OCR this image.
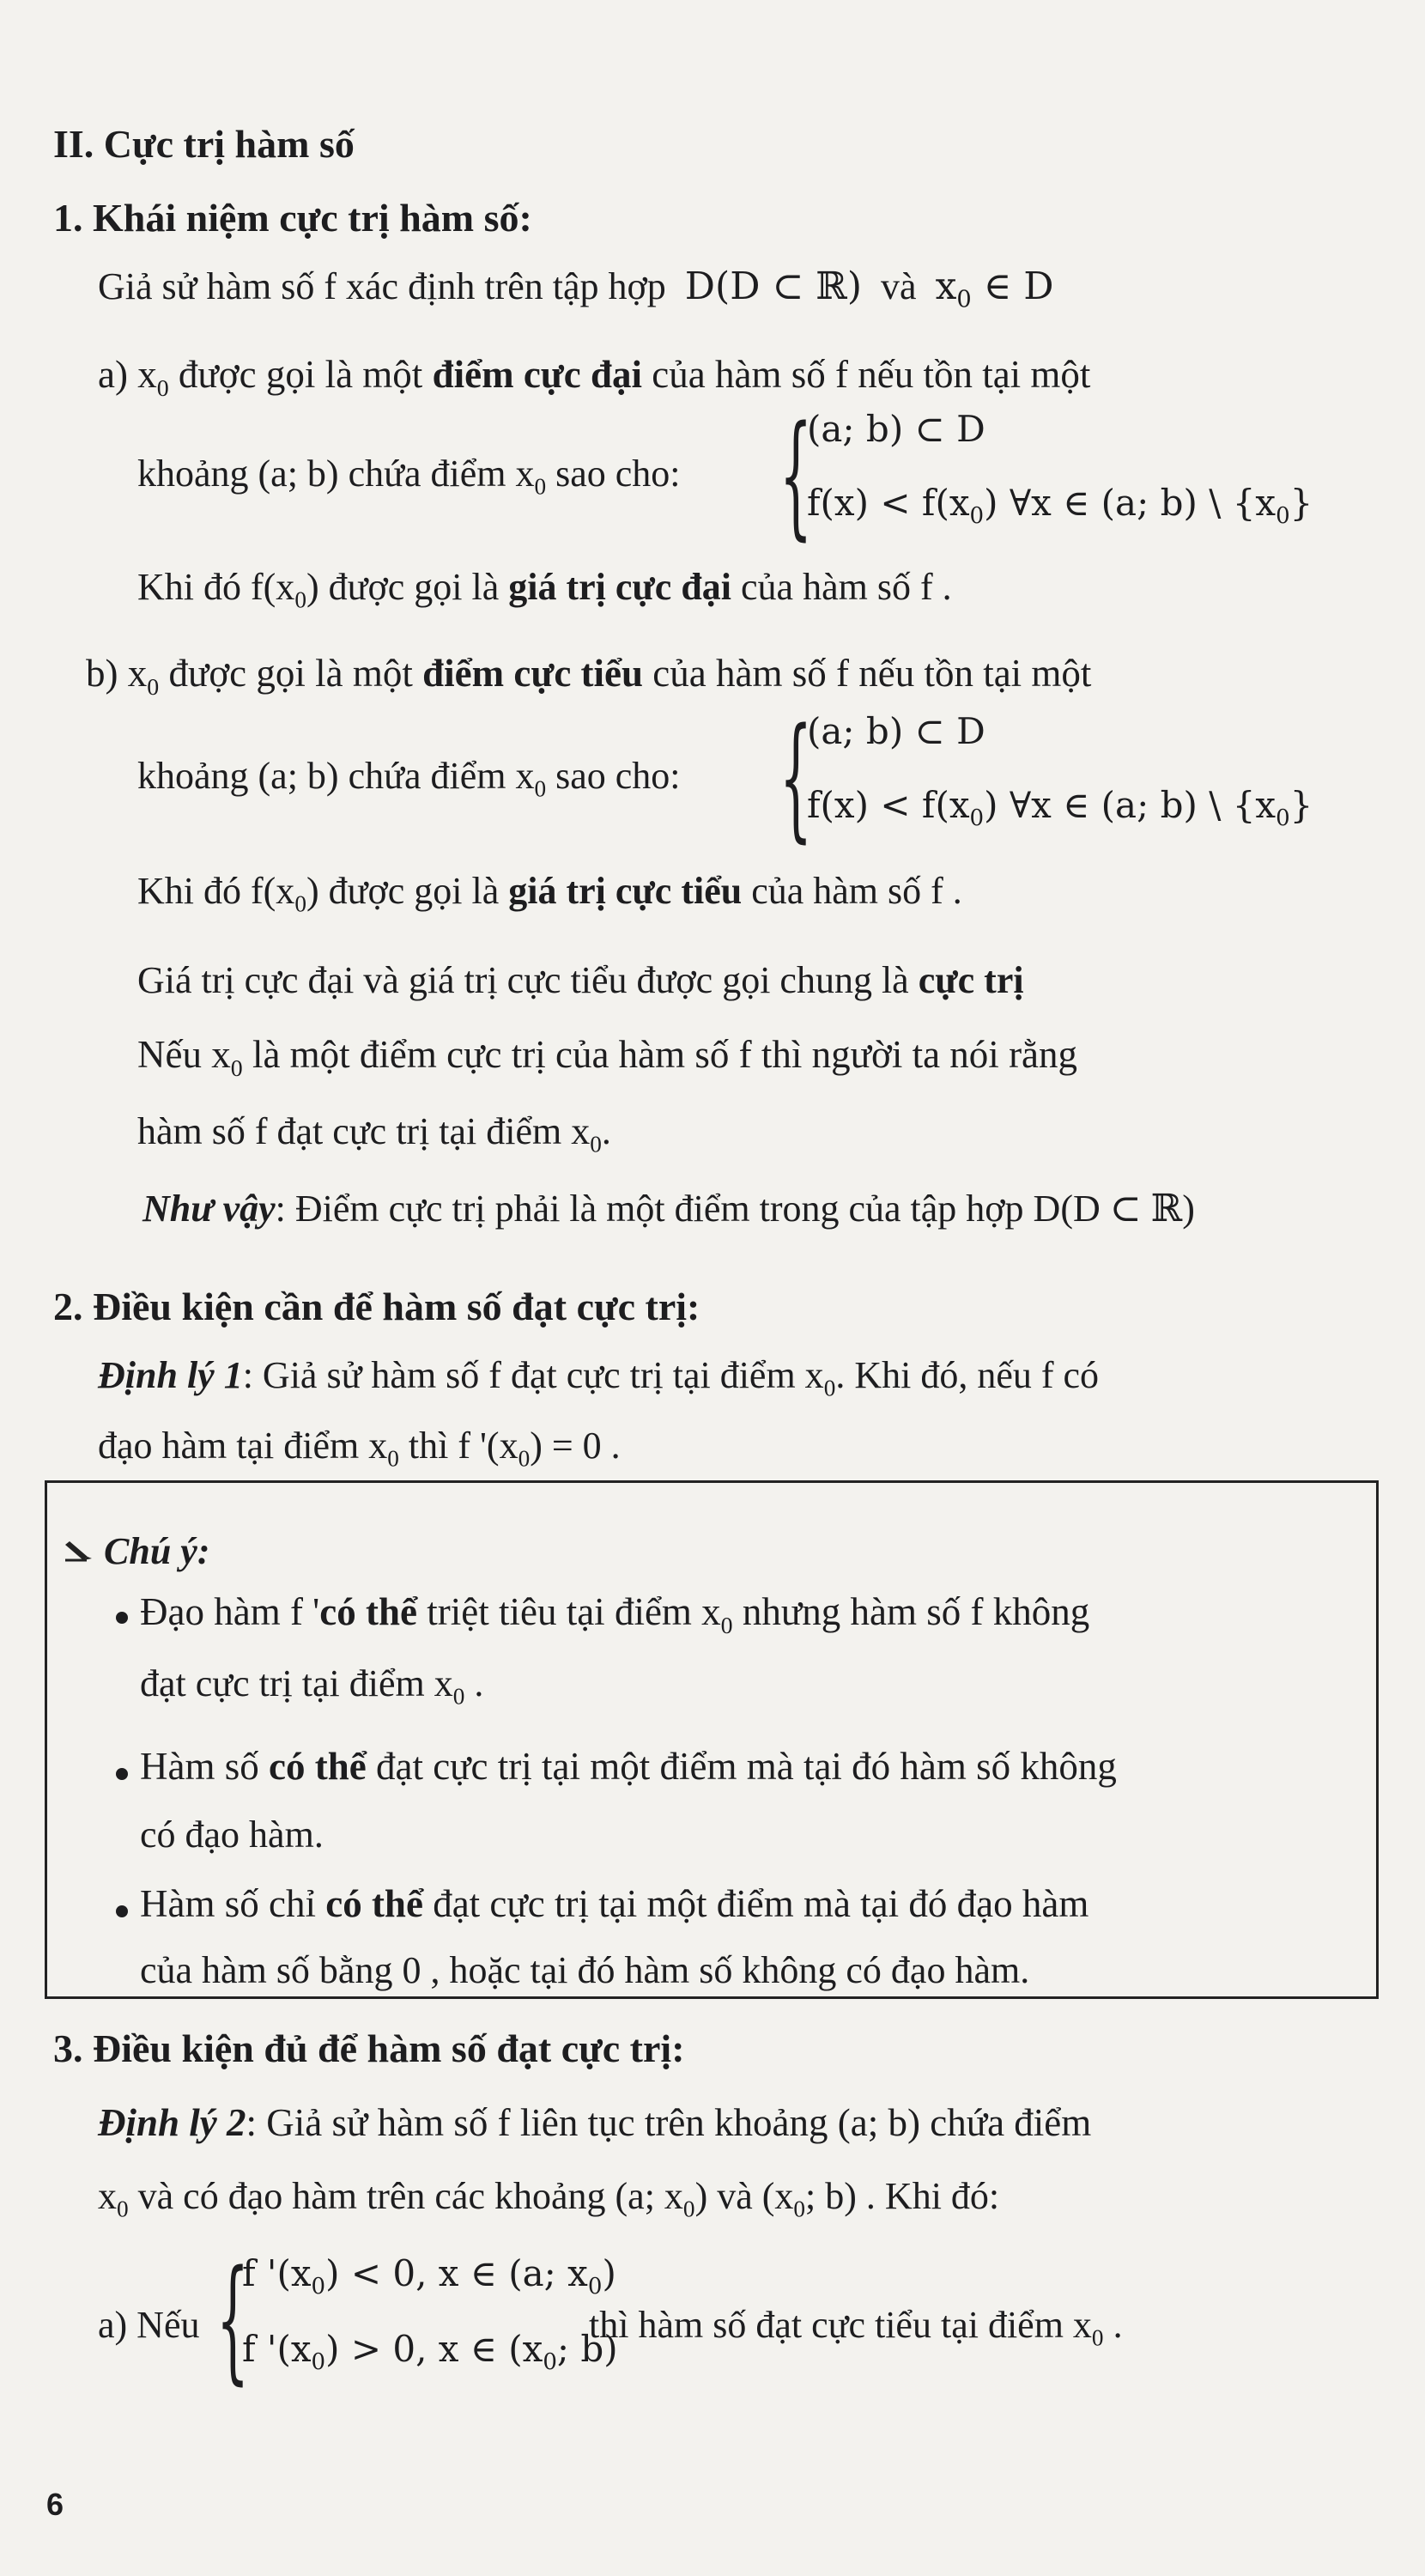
II. Cực trị hàm số
1. Khái niệm cực trị hàm số:
Giả sử hàm số f xác định trên tập hợp D(D ⊂ ℝ) và $x_0$ ∈ D
a) $x_0$ được gọi là một điểm cực đại của hàm số f nếu tồn tại một
khoảng (a; b) chứa điểm $x_0$ sao cho: {
(a; b) ⊂ D
$f(x) < f(x_0)$ ∀x ∈ (a; b) \ $\{x_0\}$
Khi đó $f(x_0)$ được gọi là giá trị cực đại của hàm số f .
b) $x_0$ được gọi là một điểm cực tiểu của hàm số f nếu tồn tại một
khoảng (a; b) chứa điểm $x_0$ sao cho: {
(a; b) ⊂ D
$f(x) < f(x_0)$ ∀x ∈ (a; b) \ $\{x_0\}$
Khi đó $f(x_0)$ được gọi là giá trị cực tiểu của hàm số f .
Giá trị cực đại và giá trị cực tiểu được gọi chung là cực trị
Nếu $x_0$ là một điểm cực trị của hàm số f thì người ta nói rằng
hàm số f đạt cực trị tại điểm $x_0$.
Như vậy: Điểm cực trị phải là một điểm trong của tập hợp D(D ⊂ ℝ)
2. Điều kiện cần để hàm số đạt cực trị:
Định lý 1: Giả sử hàm số f đạt cực trị tại điểm $x_0$. Khi đó, nếu f có
đạo hàm tại điểm $x_0$ thì f '$(x_0) = 0$ .
Chú ý:
Đạo hàm f 'có thể triệt tiêu tại điểm $x_0$ nhưng hàm số f không
đạt cực trị tại điểm $x_0$ .
Hàm số có thể đạt cực trị tại một điểm mà tại đó hàm số không
có đạo hàm.
Hàm số chỉ có thể đạt cực trị tại một điểm mà tại đó đạo hàm
của hàm số bằng 0 , hoặc tại đó hàm số không có đạo hàm.
3. Điều kiện đủ để hàm số đạt cực trị:
Định lý 2: Giả sử hàm số f liên tục trên khoảng (a; b) chứa điểm
$x_0$ và có đạo hàm trên các khoảng (a; $x_0$) và ($x_0$; b) . Khi đó:
a) Nếu {
f '$(x_0) < 0$, x ∈ (a; $x_0$)
f '$(x_0) > 0$, x ∈ ($x_0$; b)
thì hàm số đạt cực tiểu tại điểm $x_0$ .
6
